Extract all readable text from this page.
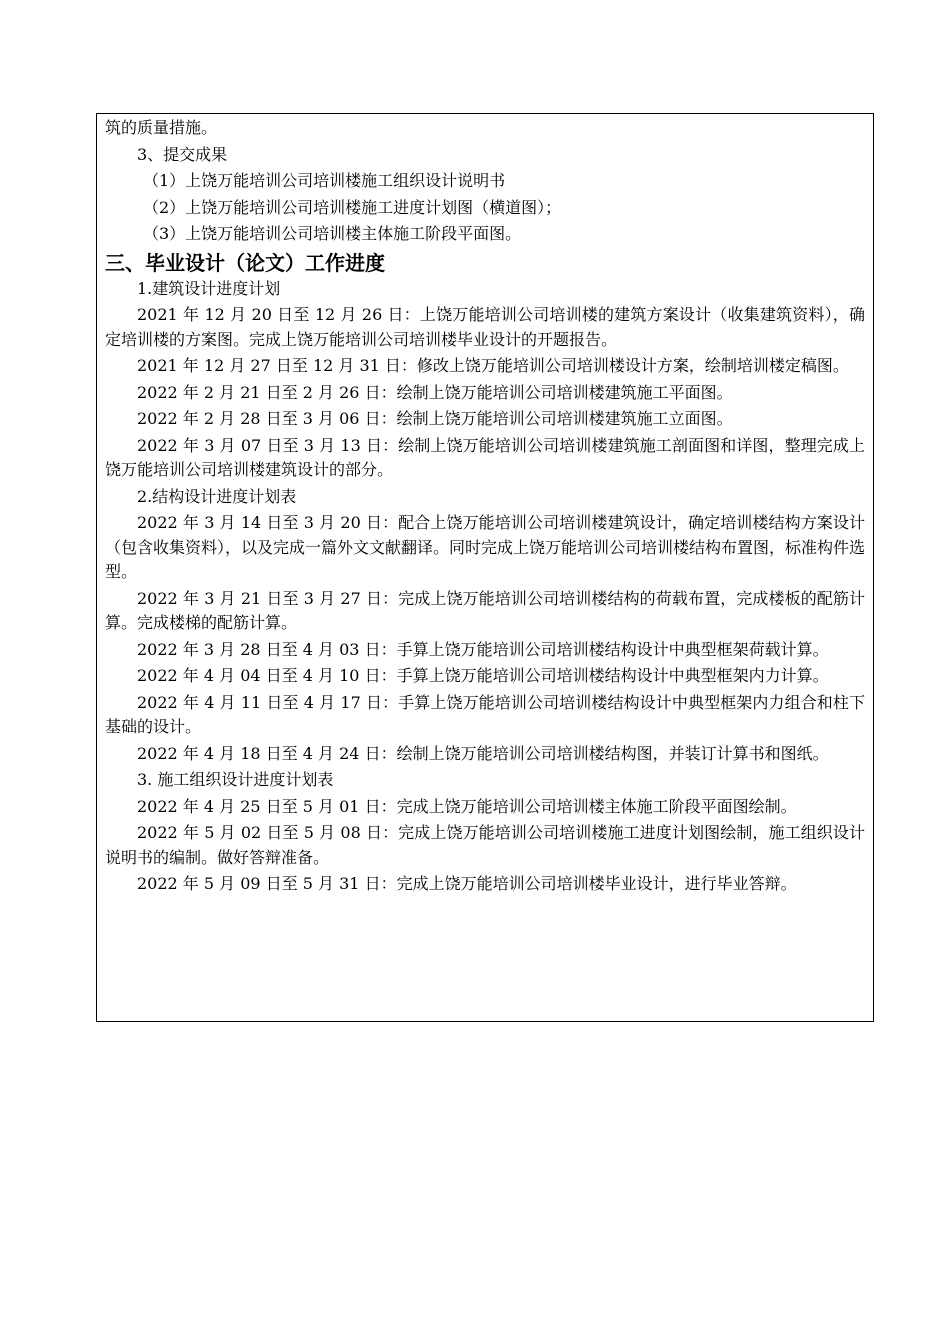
筑的质量措施。

3、提交成果

（1）上饶万能培训公司培训楼施工组织设计说明书

（2）上饶万能培训公司培训楼施工进度计划图（横道图）；

（3）上饶万能培训公司培训楼主体施工阶段平面图。

三、毕业设计（论文）工作进度

1.建筑设计进度计划

2021 年 12 月 20 日至 12 月 26 日：上饶万能培训公司培训楼的建筑方案设计（收集建筑资料），确定培训楼的方案图。完成上饶万能培训公司培训楼毕业设计的开题报告。

2021 年 12 月 27 日至 12 月 31 日：修改上饶万能培训公司培训楼设计方案，绘制培训楼定稿图。

2022 年 2 月 21 日至 2 月 26 日：绘制上饶万能培训公司培训楼建筑施工平面图。

2022 年 2 月 28 日至 3 月 06 日：绘制上饶万能培训公司培训楼建筑施工立面图。

2022 年 3 月 07 日至 3 月 13 日：绘制上饶万能培训公司培训楼建筑施工剖面图和详图，整理完成上饶万能培训公司培训楼建筑设计的部分。

2.结构设计进度计划表

2022 年 3 月 14 日至 3 月 20 日：配合上饶万能培训公司培训楼建筑设计，确定培训楼结构方案设计（包含收集资料），以及完成一篇外文文献翻译。同时完成上饶万能培训公司培训楼结构布置图，标准构件选型。

2022 年 3 月 21 日至 3 月 27 日：完成上饶万能培训公司培训楼结构的荷载布置，完成楼板的配筋计算。完成楼梯的配筋计算。

2022 年 3 月 28 日至 4 月 03 日：手算上饶万能培训公司培训楼结构设计中典型框架荷载计算。

2022 年 4 月 04 日至 4 月 10 日：手算上饶万能培训公司培训楼结构设计中典型框架内力计算。

2022 年 4 月 11 日至 4 月 17 日：手算上饶万能培训公司培训楼结构设计中典型框架内力组合和柱下基础的设计。

2022 年 4 月 18 日至 4 月 24 日：绘制上饶万能培训公司培训楼结构图，并装订计算书和图纸。

3. 施工组织设计进度计划表

2022 年 4 月 25 日至 5 月 01 日：完成上饶万能培训公司培训楼主体施工阶段平面图绘制。

2022 年 5 月 02 日至 5 月 08 日：完成上饶万能培训公司培训楼施工进度计划图绘制，施工组织设计说明书的编制。做好答辩准备。

2022 年 5 月 09 日至 5 月 31 日：完成上饶万能培训公司培训楼毕业设计，进行毕业答辩。
